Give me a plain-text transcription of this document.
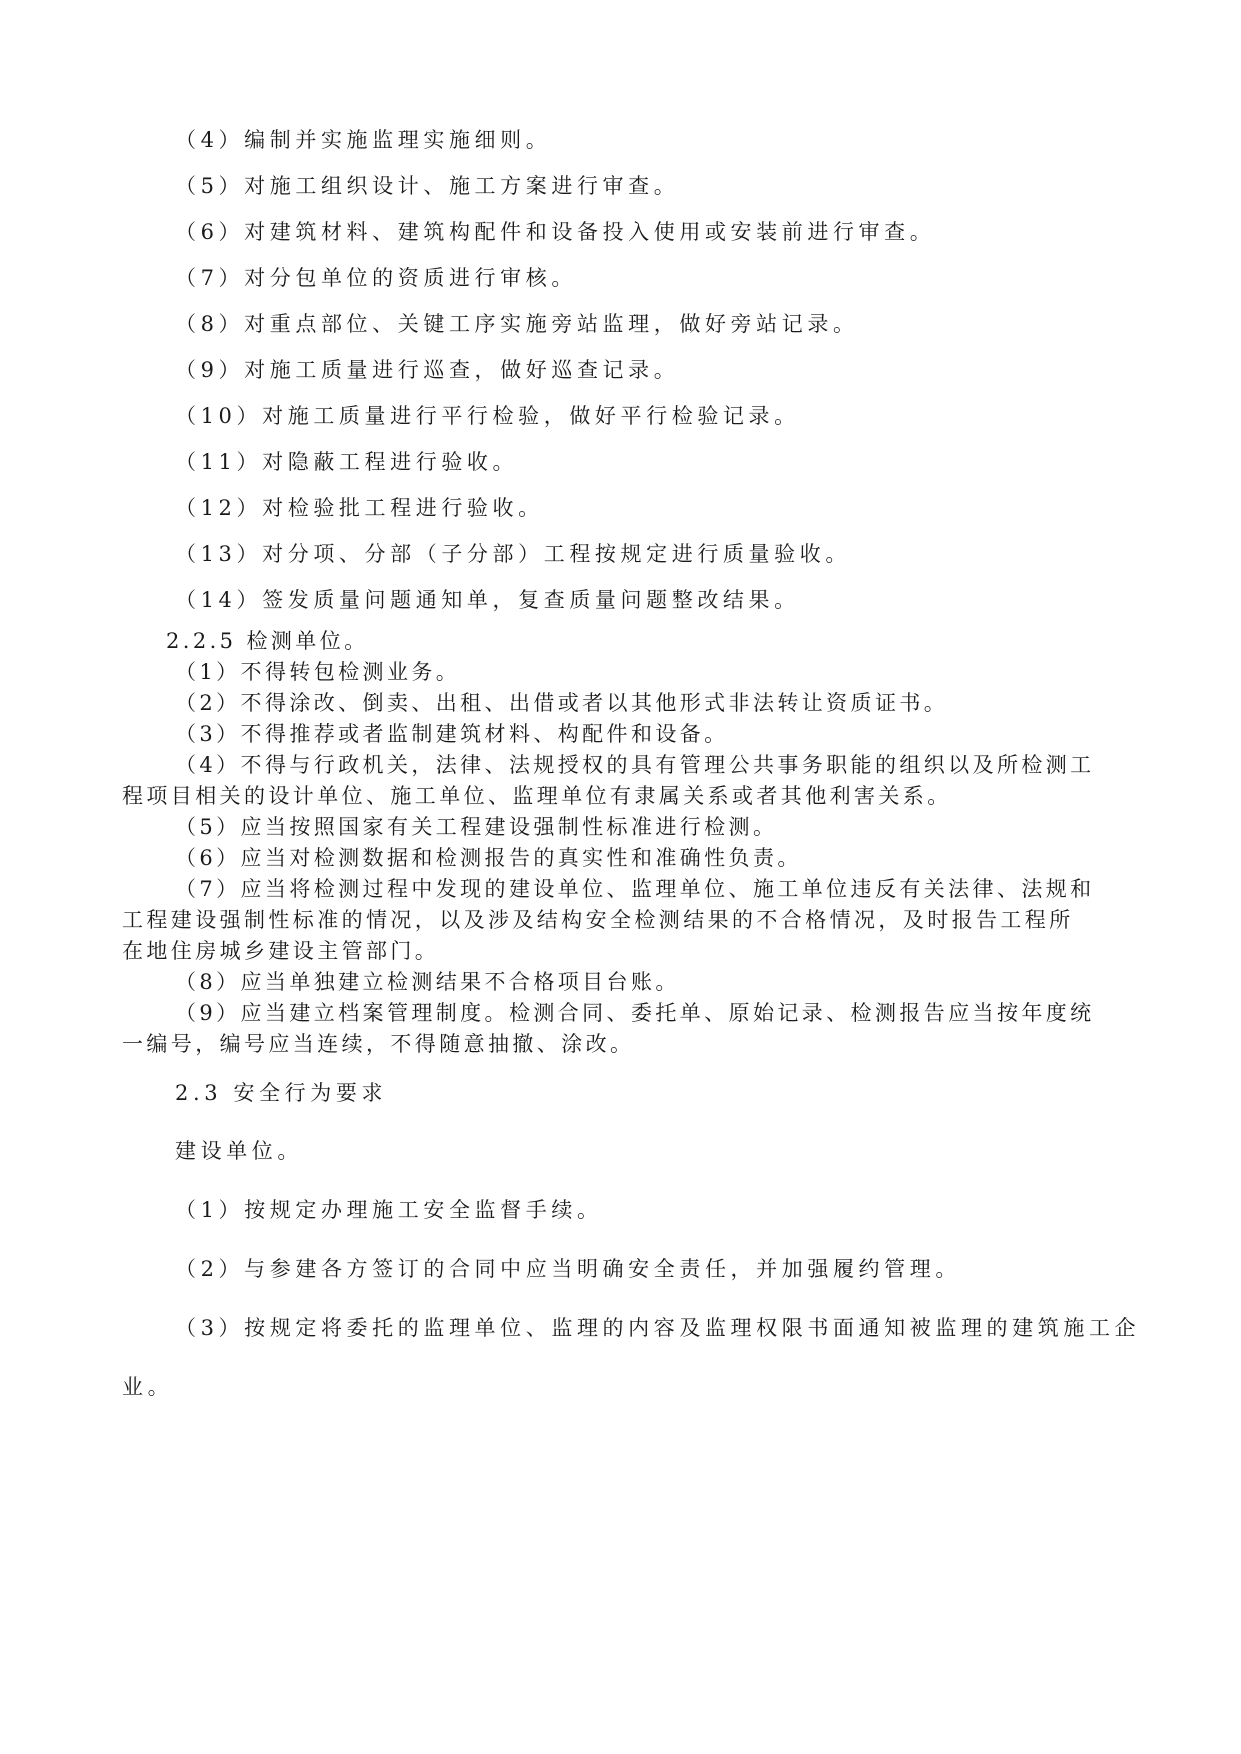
（4）编制并实施监理实施细则。
（5）对施工组织设计、施工方案进行审查。
（6）对建筑材料、建筑构配件和设备投入使用或安装前进行审查。
（7）对分包单位的资质进行审核。
（8）对重点部位、关键工序实施旁站监理，做好旁站记录。
（9）对施工质量进行巡查，做好巡查记录。
（10）对施工质量进行平行检验，做好平行检验记录。
（11）对隐蔽工程进行验收。
（12）对检验批工程进行验收。
（13）对分项、分部（子分部）工程按规定进行质量验收。
（14）签发质量问题通知单，复查质量问题整改结果。
2.2.5 检测单位。
（1）不得转包检测业务。
（2）不得涂改、倒卖、出租、出借或者以其他形式非法转让资质证书。
（3）不得推荐或者监制建筑材料、构配件和设备。
（4）不得与行政机关，法律、法规授权的具有管理公共事务职能的组织以及所检测工
程项目相关的设计单位、施工单位、监理单位有隶属关系或者其他利害关系。
（5）应当按照国家有关工程建设强制性标准进行检测。
（6）应当对检测数据和检测报告的真实性和准确性负责。
（7）应当将检测过程中发现的建设单位、监理单位、施工单位违反有关法律、法规和
工程建设强制性标准的情况，以及涉及结构安全检测结果的不合格情况，及时报告工程所
在地住房城乡建设主管部门。
（8）应当单独建立检测结果不合格项目台账。
（9）应当建立档案管理制度。检测合同、委托单、原始记录、检测报告应当按年度统
一编号，编号应当连续，不得随意抽撤、涂改。
2.3 安全行为要求
建设单位。
（1）按规定办理施工安全监督手续。
（2）与参建各方签订的合同中应当明确安全责任，并加强履约管理。
（3）按规定将委托的监理单位、监理的内容及监理权限书面通知被监理的建筑施工企
业。
